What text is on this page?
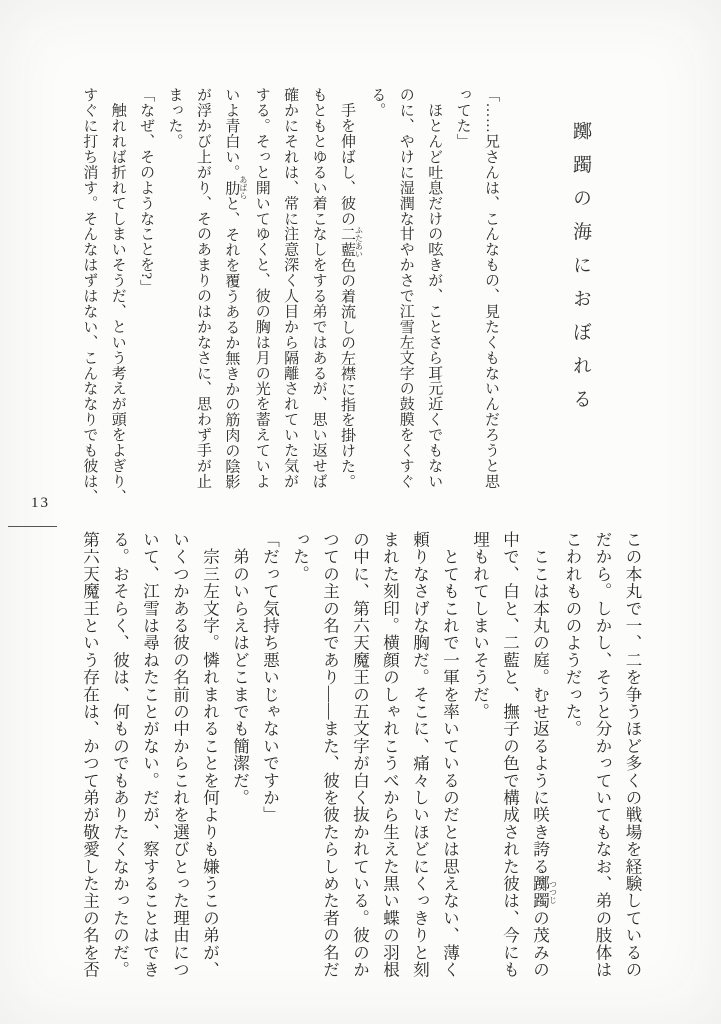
躑躅の海におぼれる
「……兄さんは、こんなもの、見たくもないんだろうと思
ってた」
　ほとんど吐息だけの呟きが、ことさら耳元近くでもない
のに、やけに湿潤な甘やかさで江雪左文字の鼓膜をくすぐ
る。
　手を伸ばし、彼の二藍 ふたあい色の着流しの左襟に指を掛けた。
もともとゆるい着こなしをする弟ではあるが、思い返せば
確かにそれは、常に注意深く人目から隔離されていた気が
する。そっと開いてゆくと、彼の胸は月の光を蓄えていよ
いよ青白い。肋 あばらと、それを覆うあるか無きかの筋肉の陰影
が浮かび上がり、そのあまりのはかなさに、思わず手が止
まった。
「なぜ、そのようなことを?」
　触れれば折れてしまいそうだ、という考えが頭をよぎり、
すぐに打ち消す。そんなはずはない、こんななりでも彼は、
この本丸で一、二を争うほど多くの戦場を経験しているの
だから。しかし、そうと分かっていてもなお、弟の肢体は
こわれもののようだった。
　ここは本丸の庭。むせ返るように咲き誇る躑躅 つつじの茂みの
中で、白と、二藍と、撫子の色で構成された彼は、今にも
埋もれてしまいそうだ。
　とてもこれで一軍を率いているのだとは思えない、薄く
頼りなさげな胸だ。そこに、痛々しいほどにくっきりと刻
まれた刻印。横顔のしゃれこうべから生えた黒い蝶の羽根
の中に、第六天魔王の五文字が白く抜かれている。彼のか
つての主の名であり――また、彼を彼たらしめた者の名だ
った。
「だって気持ち悪いじゃないですか」
　弟のいらえはどこまでも簡潔だ。
　宗三左文字。憐れまれることを何よりも嫌うこの弟が、
いくつかある彼の名前の中からこれを選びとった理由につ
いて、江雪は尋ねたことがない。だが、察することはでき
る。おそらく、彼は、何ものでもありたくなかったのだ。
第六天魔王という存在は、かつて弟が敬愛した主の名を否
13
